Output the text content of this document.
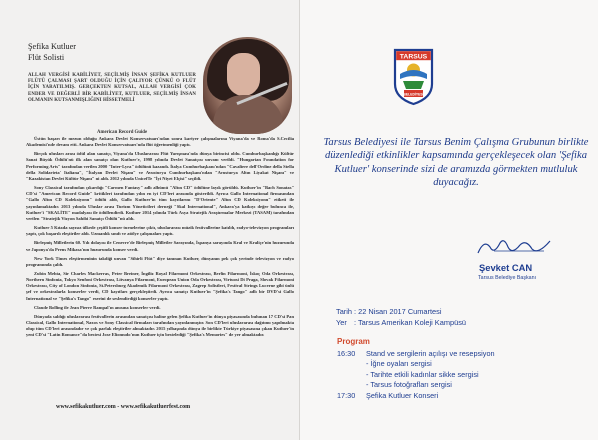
Şefika Kutluer
Flüt Solisti
ALLAH VERGİSİ KABİLİYET, SEÇİLMİŞ İNSAN ŞEFİKA KUTLUER FLÜTÜ ÇALMASI ŞART OLDUĞU İÇİN ÇALIYOR ÇÜNKÜ O FLÜT İÇİN YARATILMIŞ. GERÇEKTEN KUTSAL, ALLAH VERGİSİ ÇOK ENDER VE DEĞERLİ BİR KABİLİYET, KUTLUER, SEÇİLMİŞ İNSAN OLMANIN KUTSANMIŞLIĞINI HİSSETMELİ
American Record Guide

Üstün başarı ile mezun olduğu Ankara Devlet Konservatuarı'ndan sonra kariyer çalışmalarına Viyana'da ve Roma'da S.Cecilia Akademisi'nde devam etti. Ankara Devlet Konservatuarı'nda flüt öğretmenliği yaptı.

Birçok ulusları arası ödül alan sanatçı, Viyana'da Uluslararası Flüt Yarışması'nda dünya birincisi oldu. Cumhurbaşkanlığı Kültür Sanat Büyük Ödülü'nü ilk alan sanatçı olan Kutluer'e, 1998 yılında Devlet Sanatçısı unvanı verildi. "Hungarian Foundation for Performing Arts" tarafından verilen 2000 "Inter-Lyra" ödülünü kazandı. İtalya Cumhurbaşkanı'ndan "Cavaliere dell'Ordine della Stella della Solidarieta' Italiana", "İtalyan Devlet Nişanı" ve Avusturya Cumhurbaşkanı'ndan "Avusturya Altın Liyakat Nişanı" ve "Kazakistan Devlet Kültür Nişanı" ni aldı. 2012 yılında UnicefTe "İyi Niyet Elçisi" seçildi.

Sony Classical tarafından çıkardığı "Carmen Fantasy" adlı albümü "Altın CD" ödülüne layık görüldü. Kutluer'in "Bach Sonatas" CD'si "American Record Guide" kritikleri tarafından yılın en iyi CD'leri arasında gösterildi. Ayrıca Gallo International firmasından "Gallo Altın CD Koleksiyonu" ödülü aldı, Gallo Kutluer'in tüm kayıtlarını "D'Oriente" Altın CD Koleksiyonu" etiketi ile yayınlamaktadır. 2013 yılında Uluslar arası Turizm Yöneticileri derneği "Skal International", Ankara'ya katkıyı değer bulunca ile, Kutluer'i "SKALİTE" madalyası ile ödüllendirdi. Kutluer 2014 yılında Türk Asya Stratejik Araştırmalar Merkezi (TASAM) tarafından verilen "Stratejik Vizyon Sahibi Sanatçı Ödülü"nü aldı.

Kutluer 5 Kıtada sayısız ülkede çeşitli konser turnelerine çıktı, uluslararası müzik festivallerine katıldı, radyo-televizyon programları yaptı, çok başarılı eleştiriler aldı. Uzmanlık sınıfı ve atölye çalışmaları yaptı.

Birleşmiş Milletlerin 60. Yılı dolayısı ile Cenevre'de Birleşmiş Milletler Sarayında, İspanya sarayında Kral ve Kraliçe'nin huzurunda ve Japonya'da Prens Mikasa'nın huzurunda konser verdi.

New York Times eleştirmeninin takdiği unvan "Sihirli Flüt" diye tanınan Kutluer, dünyanın pek çok yerinde televizyon ve radyo programında çaldı.

Zubin Mehta, Sir Charles Mackerras, Peter Breiner, İngiliz Royal Filarmoni Orkestrası, Berlin Filarmoni, İskoç Oda Orkestrası, Northern Sinfonia, Tokyo Senfoni Orkestrası, Litvanya Filarmoni, European Union Oda Orkestrası, Virtuosi Di Praga, Slovak Filarmoni Orkestrası, City of London Sinfonia, St.Petersburg Akademik Filarmoni Orkestrası, Zagrep Solistleri, Festival Strings Lucerne gibi ünlü şef ve orkestralarla konserler verdi, CD kayıtları gerçekleştirdi. Ayrıca sanatçı Kutluer'in "Şefika's Tango" adlı bir DVD'si Gallo International ve "Şefika's Tango" eserini de seslendirdiği konserler yaptı.

Claude Bolling ile Jean Pierre Rampal'ın anısına konserler verdi.

Dünyada saldığı uluslararası festivallerin arasından sanatçısı haline gelen Şefika Kutluer'in dünya piyasasında bulunan 17 CD'si Pan Classical, Gallo International, Naxos ve Sony Classical firmaları tarafından yayınlanmıştır. Son CD'leri uluslararası dağıtımı yapılmakta olup tüm CD'leri arasındadır ve çok parlak eleştiriler almaktadır. 2015 yılbaşında dünya ile birlikte Türkiye piyasasına çıkan Kutluer'in yeni CD'si "Latin Romance"da bestesi Jose Eliomudo'nun Kutluer için bestelediği "Şefika's Memories" de yer almaktadır.

www.sefikakutluer.com - www.sefikakutluerfest.com
TARSUS
BELEDİYESİ
Tarsus Belediyesi ile Tarsus Benim Çalışma Grubunun birlikte düzenlediği etkinlikler kapsamında gerçekleşecek olan 'Şefika Kutluer' konserinde sizi de aramızda görmekten mutluluk duyacağız.
Şevket CAN
Tarsus Belediye Başkanı
Tarih : 22 Nisan 2017 Cumartesi
Yer : Tarsus Amerikan Koleji Kampüsü
Program
16:30	Stand ve sergilerin açılışı ve resepsiyon
- İğne oyaları sergisi
- Tarihte etkili kadınlar sikke sergisi
- Tarsus fotoğrafları sergisi
17:30	Şefika Kutluer Konseri
